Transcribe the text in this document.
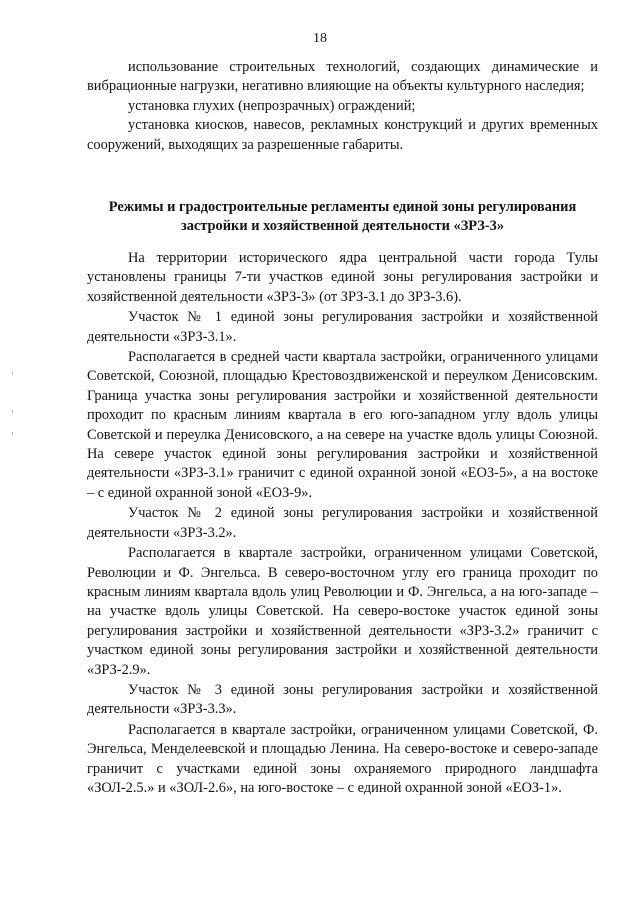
18

использование строительных технологий, создающих динамические и вибрационные нагрузки, негативно влияющие на объекты культурного наследия;

установка глухих (непрозрачных) ограждений;

установка киосков, навесов, рекламных конструкций и других временных сооружений, выходящих за разрешенные габариты.

Режимы и градостроительные регламенты единой зоны регулирования застройки и хозяйственной деятельности «ЗРЗ-3»

На территории исторического ядра центральной части города Тулы установлены границы 7-ти участков единой зоны регулирования застройки и хозяйственной деятельности «ЗРЗ-3» (от ЗРЗ-3.1 до ЗРЗ-3.6).

Участок № 1 единой зоны регулирования застройки и хозяйственной деятельности «ЗРЗ-3.1».

Располагается в средней части квартала застройки, ограниченного улицами Советской, Союзной, площадью Крестовоздвиженской и переулком Денисовским. Граница участка зоны регулирования застройки и хозяйственной деятельности проходит по красным линиям квартала в его юго-западном углу вдоль улицы Советской и переулка Денисовского, а на севере на участке вдоль улицы Союзной. На севере участок единой зоны регулирования застройки и хозяйственной деятельности «ЗРЗ-3.1» граничит с единой охранной зоной «ЕОЗ-5», а на востоке – с единой охранной зоной «ЕОЗ-9».

Участок № 2 единой зоны регулирования застройки и хозяйственной деятельности «ЗРЗ-3.2».

Располагается в квартале застройки, ограниченном улицами Советской, Революции и Ф. Энгельса. В северо-восточном углу его граница проходит по красным линиям квартала вдоль улиц Революции и Ф. Энгельса, а на юго-западе – на участке вдоль улицы Советской. На северо-востоке участок единой зоны регулирования застройки и хозяйственной деятельности «ЗРЗ-3.2» граничит с участком единой зоны регулирования застройки и хозяйственной деятельности «ЗРЗ-2.9».

Участок № 3 единой зоны регулирования застройки и хозяйственной деятельности «ЗРЗ-3.3».

Располагается в квартале застройки, ограниченном улицами Советской, Ф. Энгельса, Менделеевской и площадью Ленина. На северо-востоке и северо-западе граничит с участками единой зоны охраняемого природного ландшафта «ЗОЛ-2.5.» и «ЗОЛ-2.6», на юго-востоке – с единой охранной зоной «ЕОЗ-1».
